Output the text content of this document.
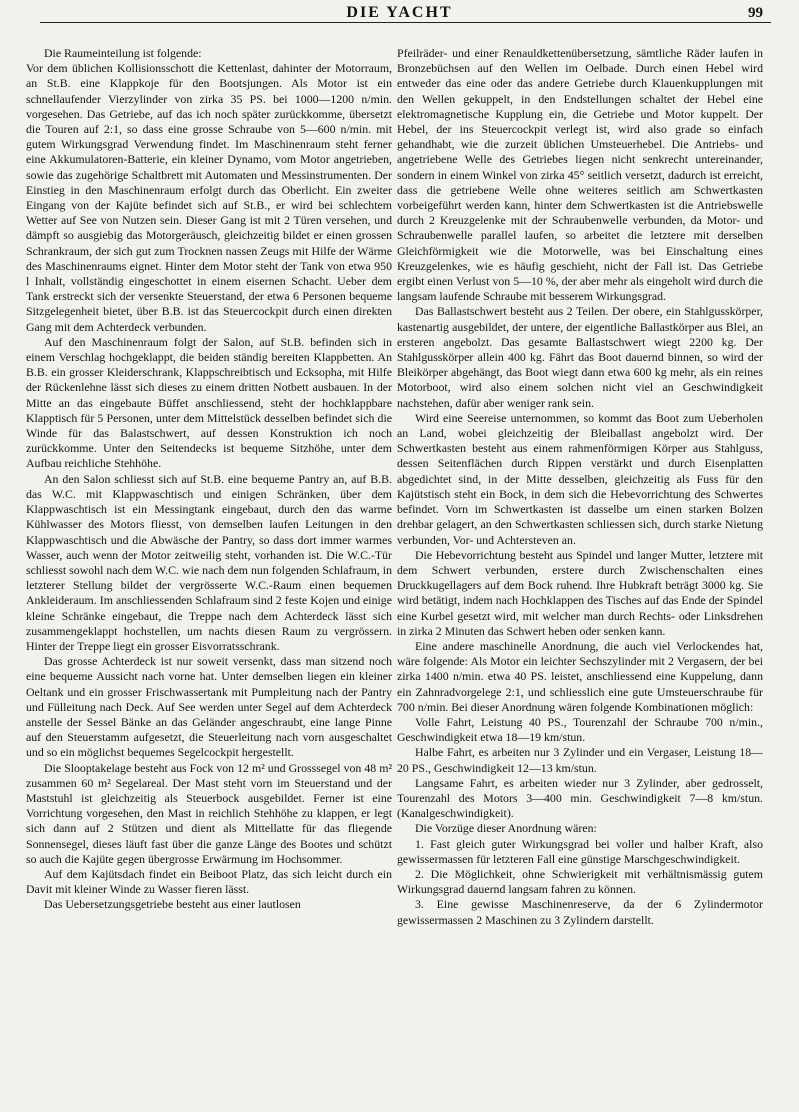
DIE YACHT	99

Die Raumeinteilung ist folgende:

Vor dem üblichen Kollisionsschott die Kettenlast, dahinter der Motorraum, an St.B. eine Klappkoje für den Bootsjungen. Als Motor ist ein schnellaufender Vierzylinder von zirka 35 PS. bei 1000—1200 n/min. vorgesehen. Das Getriebe, auf das ich noch später zurückkomme, übersetzt die Touren auf 2:1, so dass eine grosse Schraube von 5—600 n/min. mit gutem Wirkungsgrad Verwendung findet. Im Maschinenraum steht ferner eine Akkumulatoren-Batterie, ein kleiner Dynamo, vom Motor angetrieben, sowie das zugehörige Schaltbrett mit Automaten und Messinstrumenten. Der Einstieg in den Maschinenraum erfolgt durch das Oberlicht. Ein zweiter Eingang von der Kajüte befindet sich auf St.B., er wird bei schlechtem Wetter auf See von Nutzen sein. Dieser Gang ist mit 2 Türen versehen, und dämpft so ausgiebig das Motorgeräusch, gleichzeitig bildet er einen grossen Schrankraum, der sich gut zum Trocknen nassen Zeugs mit Hilfe der Wärme des Maschinenraums eignet. Hinter dem Motor steht der Tank von etwa 950 l Inhalt, vollständig eingeschottet in einem eisernen Schacht. Ueber dem Tank erstreckt sich der versenkte Steuerstand, der etwa 6 Personen bequeme Sitzgelegenheit bietet, über B.B. ist das Steuercockpit durch einen direkten Gang mit dem Achterdeck verbunden.

Auf den Maschinenraum folgt der Salon, auf St.B. befinden sich in einem Verschlag hochgeklappt, die beiden ständig bereiten Klappbetten. An B.B. ein grosser Kleiderschrank, Klappschreibtisch und Ecksopha, mit Hilfe der Rückenlehne lässt sich dieses zu einem dritten Notbett ausbauen. In der Mitte an das eingebaute Büffet anschliessend, steht der hochklappbare Klapptisch für 5 Personen, unter dem Mittelstück desselben befindet sich die Winde für das Balastschwert, auf dessen Konstruktion ich noch zurückkomme. Unter den Seitendecks ist bequeme Sitzhöhe, unter dem Aufbau reichliche Stehhöhe.

An den Salon schliesst sich auf St.B. eine bequeme Pantry an, auf B.B. das W.C. mit Klappwaschtisch und einigen Schränken, über dem Klappwaschtisch ist ein Messingtank eingebaut, durch den das warme Kühlwasser des Motors fliesst, von demselben laufen Leitungen in den Klappwaschtisch und die Abwäsche der Pantry, so dass dort immer warmes Wasser, auch wenn der Motor zeitweilig steht, vorhanden ist. Die W.C.-Tür schliesst sowohl nach dem W.C. wie nach dem nun folgenden Schlafraum, in letzterer Stellung bildet der vergrösserte W.C.-Raum einen bequemen Ankleideraum. Im anschliessenden Schlafraum sind 2 feste Kojen und einige kleine Schränke eingebaut, die Treppe nach dem Achterdeck lässt sich zusammengeklappt hochstellen, um nachts diesen Raum zu vergrössern. Hinter der Treppe liegt ein grosser Eisvorratsschrank.

Das grosse Achterdeck ist nur soweit versenkt, dass man sitzend noch eine bequeme Aussicht nach vorne hat. Unter demselben liegen ein kleiner Oeltank und ein grosser Frischwassertank mit Pumpleitung nach der Pantry und Fülleitung nach Deck. Auf See werden unter Segel auf dem Achterdeck anstelle der Sessel Bänke an das Geländer angeschraubt, eine lange Pinne auf den Steuerstamm aufgesetzt, die Steuerleitung nach vorn ausgeschaltet und so ein möglichst bequemes Segelcockpit hergestellt.

Die Slooptakelage besteht aus Fock von 12 m² und Grosssegel von 48 m² zusammen 60 m² Segelareal. Der Mast steht vorn im Steuerstand und der Maststuhl ist gleichzeitig als Steuerbock ausgebildet. Ferner ist eine Vorrichtung vorgesehen, den Mast in reichlich Stehhöhe zu klappen, er legt sich dann auf 2 Stützen und dient als Mittellatte für das fliegende Sonnensegel, dieses läuft fast über die ganze Länge des Bootes und schützt so auch die Kajüte gegen übergrosse Erwärmung im Hochsommer.

Auf dem Kajütsdach findet ein Beiboot Platz, das sich leicht durch ein Davit mit kleiner Winde zu Wasser fieren lässt.

Das Uebersetzungsgetriebe besteht aus einer lautlosen

Pfeilräder- und einer Renauldkettenübersetzung, sämtliche Räder laufen in Bronzebüchsen auf den Wellen im Oelbade. Durch einen Hebel wird entweder das eine oder das andere Getriebe durch Klauenkupplungen mit den Wellen gekuppelt, in den Endstellungen schaltet der Hebel eine elektromagnetische Kupplung ein, die Getriebe und Motor kuppelt. Der Hebel, der ins Steuercockpit verlegt ist, wird also grade so einfach gehandhabt, wie die zurzeit üblichen Umsteuerhebel. Die Antriebs- und angetriebene Welle des Getriebes liegen nicht senkrecht untereinander, sondern in einem Winkel von zirka 45° seitlich versetzt, dadurch ist erreicht, dass die getriebene Welle ohne weiteres seitlich am Schwertkasten vorbeigeführt werden kann, hinter dem Schwertkasten ist die Antriebswelle durch 2 Kreuzgelenke mit der Schraubenwelle verbunden, da Motor- und Schraubenwelle parallel laufen, so arbeitet die letztere mit derselben Gleichförmigkeit wie die Motorwelle, was bei Einschaltung eines Kreuzgelenkes, wie es häufig geschieht, nicht der Fall ist. Das Getriebe ergibt einen Verlust von 5—10 %, der aber mehr als eingeholt wird durch die langsam laufende Schraube mit besserem Wirkungsgrad.

Das Ballastschwert besteht aus 2 Teilen. Der obere, ein Stahlgusskörper, kastenartig ausgebildet, der untere, der eigentliche Ballastkörper aus Blei, an ersteren angebolzt. Das gesamte Ballastschwert wiegt 2200 kg. Der Stahlgusskörper allein 400 kg. Fährt das Boot dauernd binnen, so wird der Bleikörper abgehängt, das Boot wiegt dann etwa 600 kg mehr, als ein reines Motorboot, wird also einem solchen nicht viel an Geschwindigkeit nachstehen, dafür aber weniger rank sein.

Wird eine Seereise unternommen, so kommt das Boot zum Ueberholen an Land, wobei gleichzeitig der Bleiballast angebolzt wird. Der Schwertkasten besteht aus einem rahmenförmigen Körper aus Stahlguss, dessen Seitenflächen durch Rippen verstärkt und durch Eisenplatten abgedichtet sind, in der Mitte desselben, gleichzeitig als Fuss für den Kajütstisch steht ein Bock, in dem sich die Hebevorrichtung des Schwertes befindet. Vorn im Schwertkasten ist dasselbe um einen starken Bolzen drehbar gelagert, an den Schwertkasten schliessen sich, durch starke Nietung verbunden, Vor- und Achtersteven an.

Die Hebevorrichtung besteht aus Spindel und langer Mutter, letztere mit dem Schwert verbunden, erstere durch Zwischenschalten eines Druckkugellagers auf dem Bock ruhend. Ihre Hubkraft beträgt 3000 kg. Sie wird betätigt, indem nach Hochklappen des Tisches auf das Ende der Spindel eine Kurbel gesetzt wird, mit welcher man durch Rechts- oder Linksdrehen in zirka 2 Minuten das Schwert heben oder senken kann.

Eine andere maschinelle Anordnung, die auch viel Verlockendes hat, wäre folgende: Als Motor ein leichter Sechszylinder mit 2 Vergasern, der bei zirka 1400 n/min. etwa 40 PS. leistet, anschliessend eine Kuppelung, dann ein Zahnradvorgelege 2:1, und schliesslich eine gute Umsteuerschraube für 700 n/min. Bei dieser Anordnung wären folgende Kombinationen möglich:

Volle Fahrt, Leistung 40 PS., Tourenzahl der Schraube 700 n/min., Geschwindigkeit etwa 18—19 km/stun.

Halbe Fahrt, es arbeiten nur 3 Zylinder und ein Vergaser, Leistung 18—20 PS., Geschwindigkeit 12—13 km/stun.

Langsame Fahrt, es arbeiten wieder nur 3 Zylinder, aber gedrosselt, Tourenzahl des Motors 3—400 min. Geschwindigkeit 7—8 km/stun. (Kanalgeschwindigkeit).

Die Vorzüge dieser Anordnung wären:

1. Fast gleich guter Wirkungsgrad bei voller und halber Kraft, also gewissermassen für letzteren Fall eine günstige Marschgeschwindigkeit.

2. Die Möglichkeit, ohne Schwierigkeit mit verhältnismässig gutem Wirkungsgrad dauernd langsam fahren zu können.

3. Eine gewisse Maschinenreserve, da der 6 Zylindermotor gewissermassen 2 Maschinen zu 3 Zylindern darstellt.
